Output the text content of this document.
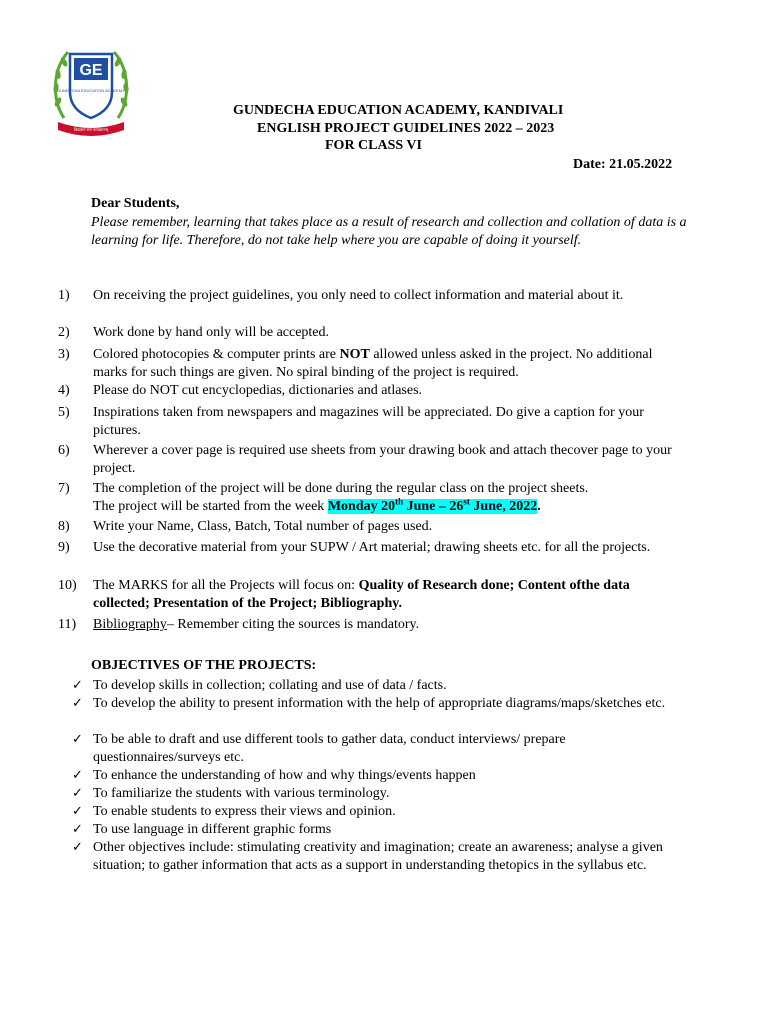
GE
GUNDECHA EDUCATION ACADEMY
विद्याधनं सर्व धनप्रधानम्
GUNDECHA EDUCATION ACADEMY, KANDIVALI
ENGLISH PROJECT GUIDELINES 2022 – 2023
FOR CLASS VI
Date: 21.05.2022
Dear Students,
Please remember, learning that takes place as a result of research and collection and collation of data is a learning for life. Therefore, do not take help where you are capable of doing it yourself.
1) On receiving the project guidelines, you only need to collect information and material about it.
2) Work done by hand only will be accepted.
3) Colored photocopies & computer prints are NOT allowed unless asked in the project. No additional marks for such things are given. No spiral binding of the project is required.
4) Please do NOT cut encyclopedias, dictionaries and atlases.
5) Inspirations taken from newspapers and magazines will be appreciated. Do give a caption for your pictures.
6) Wherever a cover page is required use sheets from your drawing book and attach thecover page to your project.
7) The completion of the project will be done during the regular class on the project sheets.
The project will be started from the week Monday 20th June – 26st June, 2022.
8) Write your Name, Class, Batch, Total number of pages used.
9) Use the decorative material from your SUPW / Art material; drawing sheets etc. for all the projects.
10) The MARKS for all the Projects will focus on: Quality of Research done; Content ofthe data collected; Presentation of the Project; Bibliography.
11) Bibliography– Remember citing the sources is mandatory.
OBJECTIVES OF THE PROJECTS:
✓ To develop skills in collection; collating and use of data / facts.
✓ To develop the ability to present information with the help of appropriate diagrams/maps/sketches etc.
✓ To be able to draft and use different tools to gather data, conduct interviews/ prepare questionnaires/surveys etc.
✓ To enhance the understanding of how and why things/events happen
✓ To familiarize the students with various terminology.
✓ To enable students to express their views and opinion.
✓ To use language in different graphic forms
✓ Other objectives include: stimulating creativity and imagination; create an awareness; analyse a given situation; to gather information that acts as a support in understanding thetopics in the syllabus etc.
